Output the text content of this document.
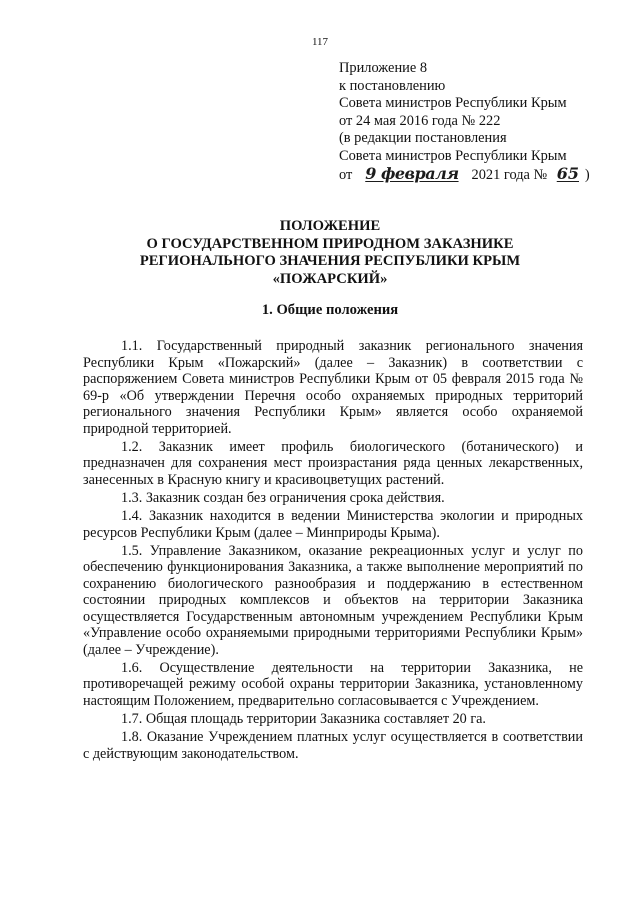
117
Приложение 8
к постановлению
Совета министров Республики Крым
от 24 мая 2016 года № 222
(в редакции постановления
Совета министров Республики Крым
от 9 февраля 2021 года № 65 )
ПОЛОЖЕНИЕ
О ГОСУДАРСТВЕННОМ ПРИРОДНОМ ЗАКАЗНИКЕ
РЕГИОНАЛЬНОГО ЗНАЧЕНИЯ РЕСПУБЛИКИ КРЫМ
«ПОЖАРСКИЙ»
1. Общие положения

1.1. Государственный природный заказник регионального значения Республики Крым «Пожарский» (далее – Заказник) в соответствии с распоряжением Совета министров Республики Крым от 05 февраля 2015 года № 69-р «Об утверждении Перечня особо охраняемых природных территорий регионального значения Республики Крым» является особо охраняемой природной территорией.

1.2. Заказник имеет профиль биологического (ботанического) и предназначен для сохранения мест произрастания ряда ценных лекарственных, занесенных в Красную книгу и красивоцветущих растений.

1.3. Заказник создан без ограничения срока действия.

1.4. Заказник находится в ведении Министерства экологии и природных ресурсов Республики Крым (далее – Минприроды Крыма).

1.5. Управление Заказником, оказание рекреационных услуг и услуг по обеспечению функционирования Заказника, а также выполнение мероприятий по сохранению биологического разнообразия и поддержанию в естественном состоянии природных комплексов и объектов на территории Заказника осуществляется Государственным автономным учреждением Республики Крым «Управление особо охраняемыми природными территориями Республики Крым» (далее – Учреждение).

1.6. Осуществление деятельности на территории Заказника, не противоречащей режиму особой охраны территории Заказника, установленному настоящим Положением, предварительно согласовывается с Учреждением.

1.7. Общая площадь территории Заказника составляет 20 га.

1.8. Оказание Учреждением платных услуг осуществляется в соответствии с действующим законодательством.
